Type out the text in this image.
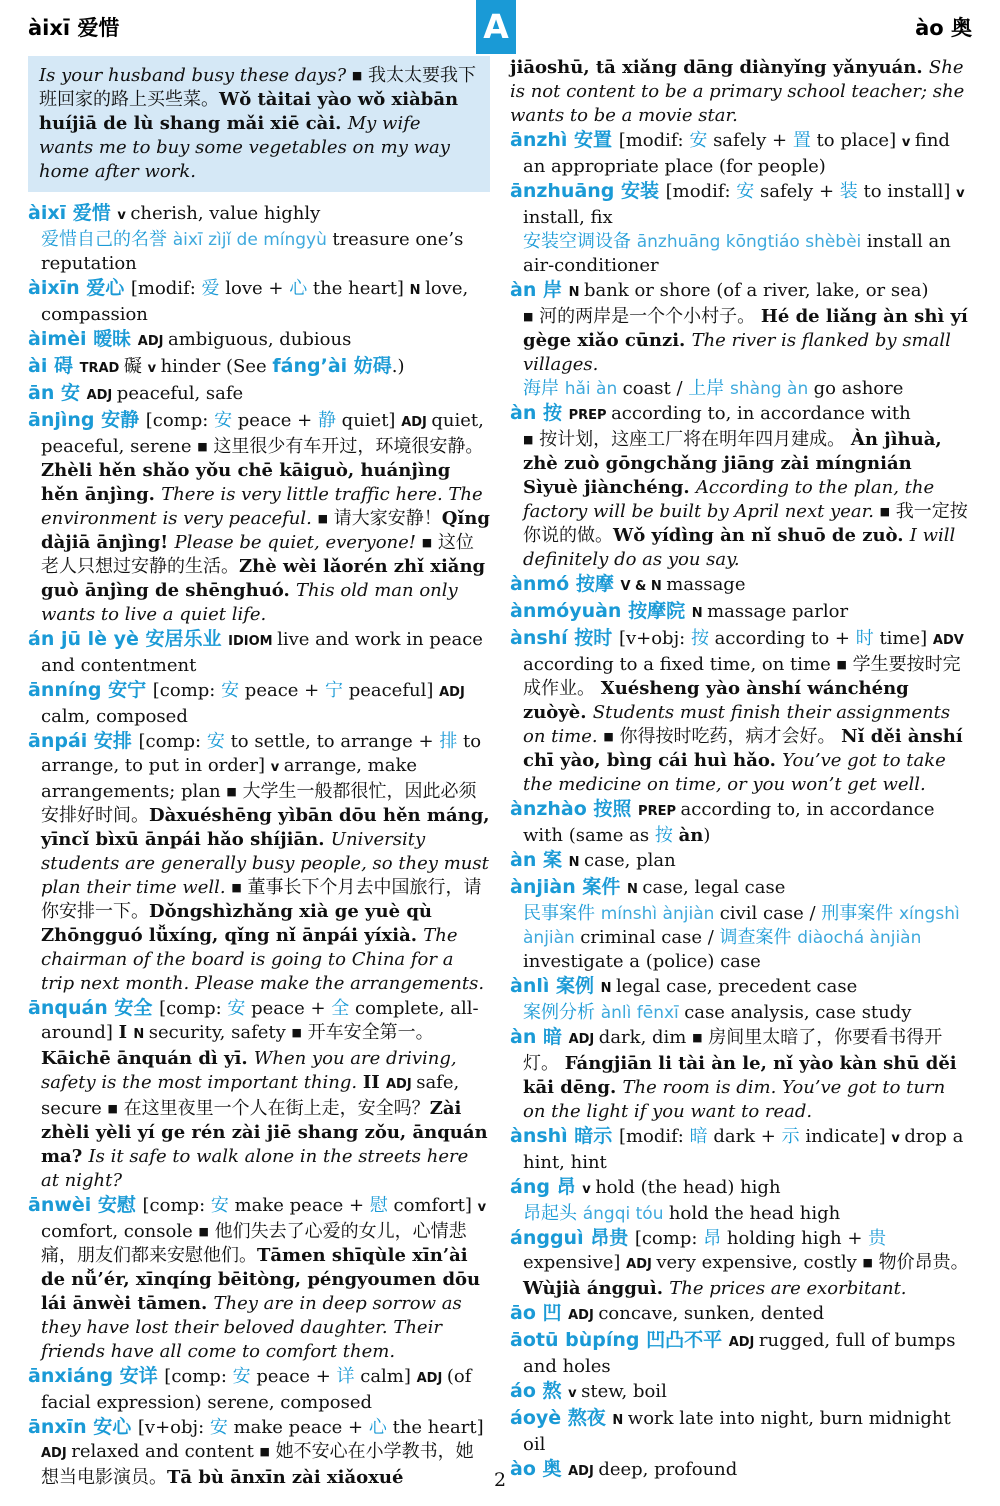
àixī 爱惜	ào 奥
A
Is your husband busy these days? ■ 我太太要我下班回家的路上买些菜。Wǒ tàitai yào wǒ xiàbān huíjiā de lù shang mǎi xiē cài. My wife wants me to buy some vegetables on my way home after work.
àixī 爱惜 v cherish, value highly
爱惜自己的名誉 àixī zìjǐ de míngyù treasure one’s reputation
àixīn 爱心 [modif: 爱 love + 心 the heart] N love, compassion
àimèi 暧昧 ADJ ambiguous, dubious
ài 碍 TRAD 礙 v hinder (See fáng’ài 妨碍.)
ān 安 ADJ peaceful, safe
ānjìng 安静 [comp: 安 peace + 静 quiet] ADJ quiet, peaceful, serene ■ 这里很少有车开过，环境很安静。Zhèli hěn shǎo yǒu chē kāiguò, huánjìng hěn ānjìng. There is very little traffic here. The environment is very peaceful. ■ 请大家安静！Qǐng dàjiā ānjìng! Please be quiet, everyone! ■ 这位老人只想过安静的生活。Zhè wèi lǎorén zhǐ xiǎng guò ānjìng de shēnghuó. This old man only wants to live a quiet life.
án jū lè yè 安居乐业 IDIOM live and work in peace and contentment
ānníng 安宁 [comp: 安 peace + 宁 peaceful] ADJ calm, composed
ānpái 安排 [comp: 安 to settle, to arrange + 排 to arrange, to put in order] v arrange, make arrangements; plan ■ 大学生一般都很忙，因此必须安排好时间。Dàxuéshēng yìbān dōu hěn máng, yīncǐ bìxū ānpái hǎo shíjiān. University students are generally busy people, so they must plan their time well. ■ 董事长下个月去中国旅行，请你安排一下。Dǒngshìzhǎng xià ge yuè qù Zhōngguó lǚxíng, qǐng nǐ ānpái yíxià. The chairman of the board is going to China for a trip next month. Please make the arrangements.
ānquán 安全 [comp: 安 peace + 全 complete, all-around] I N security, safety ■ 开车安全第一。Kāichē ānquán dì yī. When you are driving, safety is the most important thing. II ADJ safe, secure ■ 在这里夜里一个人在街上走，安全吗？Zài zhèli yèli yí ge rén zài jiē shang zǒu, ānquán ma? Is it safe to walk alone in the streets here at night?
ānwèi 安慰 [comp: 安 make peace + 慰 comfort] v comfort, console ■ 他们失去了心爱的女儿，心情悲痛，朋友们都来安慰他们。Tāmen shīqùle xīn’ài de nǚ’ér, xīnqíng bēitòng, péngyoumen dōu lái ānwèi tāmen. They are in deep sorrow as they have lost their beloved daughter. Their friends have all come to comfort them.
ānxiáng 安详 [comp: 安 peace + 详 calm] ADJ (of facial expression) serene, composed
ānxīn 安心 [v+obj: 安 make peace + 心 the heart] ADJ relaxed and content ■ 她不安心在小学教书，她想当电影演员。Tā bù ānxīn zài xiǎoxué
jiāoshū, tā xiǎng dāng diànyǐng yǎnyuán. She is not content to be a primary school teacher; she wants to be a movie star.
ānzhì 安置 [modif: 安 safely + 置 to place] v find an appropriate place (for people)
ānzhuāng 安装 [modif: 安 safely + 装 to install] v install, fix
安装空调设备 ānzhuāng kōngtiáo shèbèi install an air-conditioner
àn 岸 N bank or shore (of a river, lake, or sea)
■ 河的两岸是一个个小村子。 Hé de liǎng àn shì yí gège xiǎo cūnzi. The river is flanked by small villages.
海岸 hǎi àn coast / 上岸 shàng àn go ashore
àn 按 PREP according to, in accordance with
■ 按计划，这座工厂将在明年四月建成。 Àn jìhuà, zhè zuò gōngchǎng jiāng zài míngnián Sìyuè jiànchéng. According to the plan, the factory will be built by April next year. ■ 我一定按你说的做。Wǒ yídìng àn nǐ shuō de zuò. I will definitely do as you say.
ànmó 按摩 V & N massage
ànmóyuàn 按摩院 N massage parlor
ànshí 按时 [v+obj: 按 according to + 时 time] ADV according to a fixed time, on time ■ 学生要按时完成作业。 Xuésheng yào ànshí wánchéng zuòyè. Students must finish their assignments on time. ■ 你得按时吃药，病才会好。 Nǐ děi ànshí chī yào, bìng cái huì hǎo. You’ve got to take the medicine on time, or you won’t get well.
ànzhào 按照 PREP according to, in accordance with (same as 按 àn)
àn 案 N case, plan
ànjiàn 案件 N case, legal case
民事案件 mínshì ànjiàn civil case / 刑事案件 xíngshì ànjiàn criminal case / 调查案件 diàochá ànjiàn investigate a (police) case
ànlì 案例 N legal case, precedent case
案例分析 ànlì fēnxī case analysis, case study
àn 暗 ADJ dark, dim ■ 房间里太暗了，你要看书得开灯。 Fángjiān li tài àn le, nǐ yào kàn shū děi kāi dēng. The room is dim. You’ve got to turn on the light if you want to read.
ànshì 暗示 [modif: 暗 dark + 示 indicate] v drop a hint, hint
áng 昂 v hold (the head) high
昂起头 ángqi tóu hold the head high
ángguì 昂贵 [comp: 昂 holding high + 贵 expensive] ADJ very expensive, costly ■ 物价昂贵。 Wùjià ángguì. The prices are exorbitant.
āo 凹 ADJ concave, sunken, dented
āotū bùpíng 凹凸不平 ADJ rugged, full of bumps and holes
áo 熬 v stew, boil
áoyè 熬夜 N work late into night, burn midnight oil
ào 奥 ADJ deep, profound
2
